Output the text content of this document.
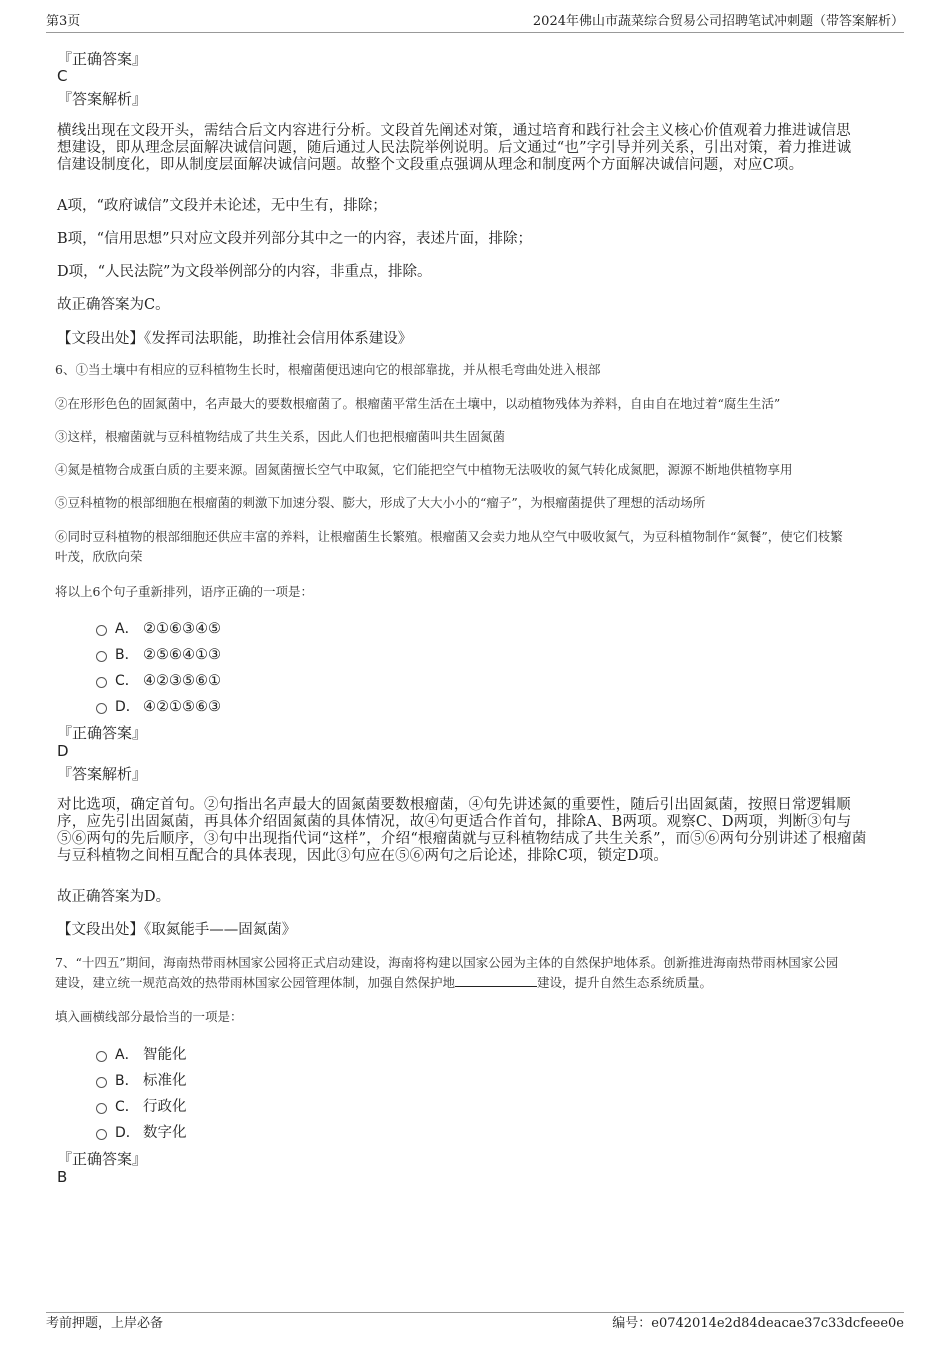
第3页	2024年佛山市蔬菜综合贸易公司招聘笔试冲刺题（带答案解析）
『正确答案』
C
『答案解析』
横线出现在文段开头，需结合后文内容进行分析。文段首先阐述对策，通过培育和践行社会主义核心价值观着力推进诚信思
想建设，即从理念层面解决诚信问题，随后通过人民法院举例说明。后文通过“也”字引导并列关系，引出对策，着力推进诚
信建设制度化，即从制度层面解决诚信问题。故整个文段重点强调从理念和制度两个方面解决诚信问题，对应C项。
A项，“政府诚信”文段并未论述，无中生有，排除；
B项，“信用思想”只对应文段并列部分其中之一的内容，表述片面，排除；
D项，“人民法院”为文段举例部分的内容，非重点，排除。
故正确答案为C。
【文段出处】《发挥司法职能，助推社会信用体系建设》
6、①当土壤中有相应的豆科植物生长时，根瘤菌便迅速向它的根部靠拢，并从根毛弯曲处进入根部
②在形形色色的固氮菌中，名声最大的要数根瘤菌了。根瘤菌平常生活在土壤中，以动植物残体为养料，自由自在地过着“腐生生活”
③这样，根瘤菌就与豆科植物结成了共生关系，因此人们也把根瘤菌叫共生固氮菌
④氮是植物合成蛋白质的主要来源。固氮菌擅长空气中取氮，它们能把空气中植物无法吸收的氮气转化成氮肥，源源不断地供植物享用
⑤豆科植物的根部细胞在根瘤菌的刺激下加速分裂、膨大，形成了大大小小的“瘤子”，为根瘤菌提供了理想的活动场所
⑥同时豆科植物的根部细胞还供应丰富的养料，让根瘤菌生长繁殖。根瘤菌又会卖力地从空气中吸收氮气，为豆科植物制作“氮餐”，使它们枝繁
叶茂，欣欣向荣
将以上6个句子重新排列，语序正确的一项是：
A． ②①⑥③④⑤
B． ②⑤⑥④①③
C． ④②③⑤⑥①
D． ④②①⑤⑥③
『正确答案』
D
『答案解析』
对比选项，确定首句。②句指出名声最大的固氮菌要数根瘤菌，④句先讲述氮的重要性，随后引出固氮菌，按照日常逻辑顺
序，应先引出固氮菌，再具体介绍固氮菌的具体情况，故④句更适合作首句，排除A、B两项。观察C、D两项，判断③句与
⑤⑥两句的先后顺序，③句中出现指代词“这样”，介绍“根瘤菌就与豆科植物结成了共生关系”，而⑤⑥两句分别讲述了根瘤菌
与豆科植物之间相互配合的具体表现，因此③句应在⑤⑥两句之后论述，排除C项，锁定D项。
故正确答案为D。
【文段出处】《取氮能手——固氮菌》
7、“十四五”期间，海南热带雨林国家公园将正式启动建设，海南将构建以国家公园为主体的自然保护地体系。创新推进海南热带雨林国家公园
建设，建立统一规范高效的热带雨林国家公园管理体制，加强自然保护地	建设，提升自然生态系统质量。
填入画横线部分最恰当的一项是：
A． 智能化
B． 标准化
C． 行政化
D． 数字化
『正确答案』
B
考前押题，上岸必备	编号：e0742014e2d84deacae37c33dcfeee0e
